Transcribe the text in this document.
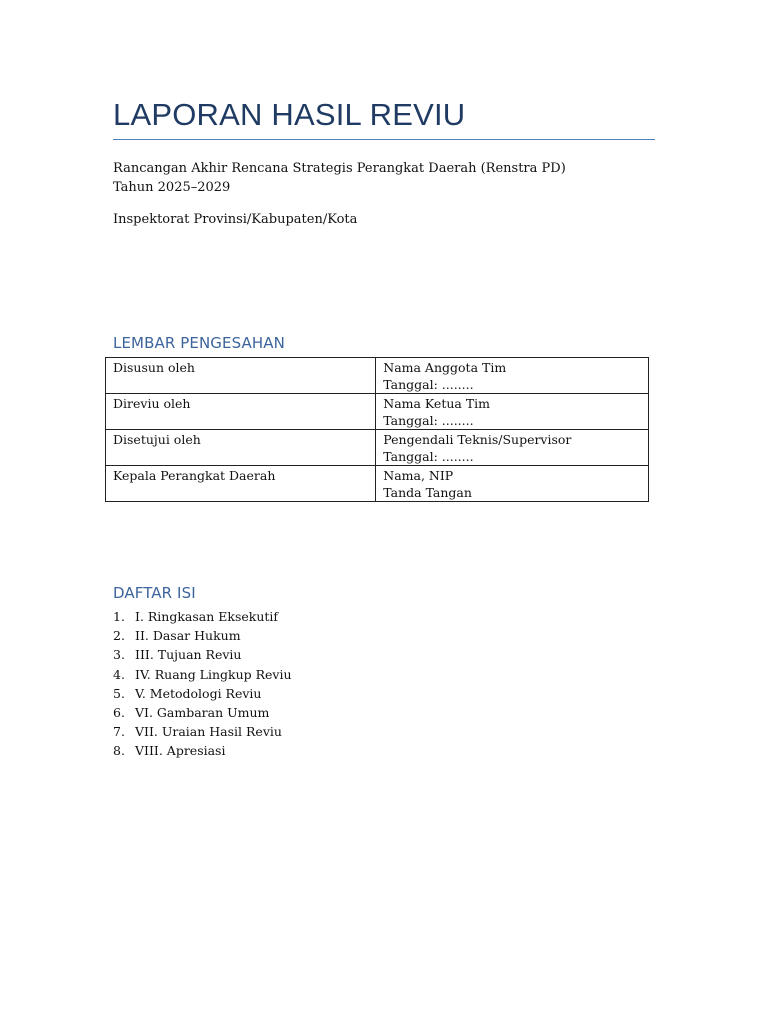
LAPORAN HASIL REVIU
Rancangan Akhir Rencana Strategis Perangkat Daerah (Renstra PD)
Tahun 2025–2029
Inspektorat Provinsi/Kabupaten/Kota
LEMBAR PENGESAHAN
Disusun oleh	Nama Anggota Tim
Tanggal: ........

Direviu oleh	Nama Ketua Tim
Tanggal: ........

Disetujui oleh	Pengendali Teknis/Supervisor
Tanggal: ........

Kepala Perangkat Daerah	Nama, NIP
Tanda Tangan
DAFTAR ISI
1. I. Ringkasan Eksekutif
2. II. Dasar Hukum
3. III. Tujuan Reviu
4. IV. Ruang Lingkup Reviu
5. V. Metodologi Reviu
6. VI. Gambaran Umum
7. VII. Uraian Hasil Reviu
8. VIII. Apresiasi
